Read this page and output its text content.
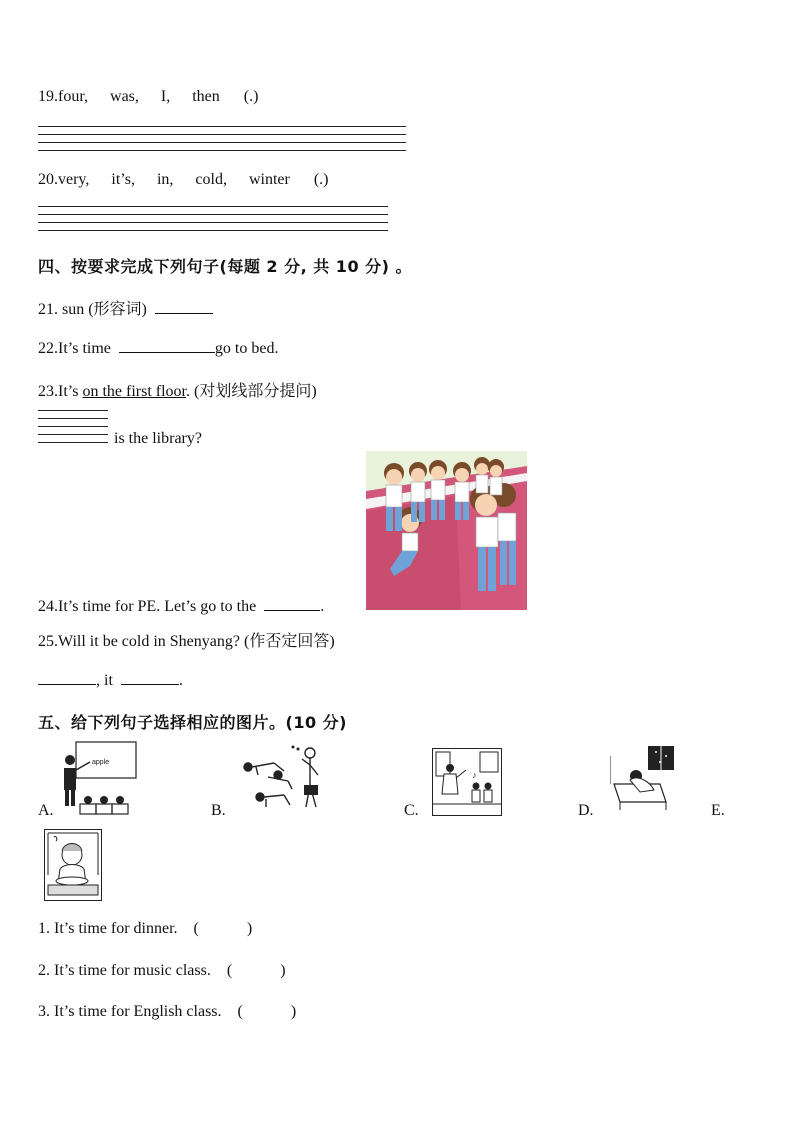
19.four, was, I, then (.)
20.very, it’s, in, cold, winter (.)
四、按要求完成下列句子(每题 2 分, 共 10 分) 。
21. sun (形容词)
22.It’s time	go to bed.
23.It’s on the first floor. (对划线部分提问)
is the library?
24.It’s time for PE. Let’s go to the	.
25.Will it be cold in Shenyang? (作否定回答)
, it	.
五、给下列句子选择相应的图片。(10 分)
apple
A.	B.
♪
C.	D.	E.
1. It’s time for dinner. (            )
2. It’s time for music class. (            )
3. It’s time for English class. (            )
